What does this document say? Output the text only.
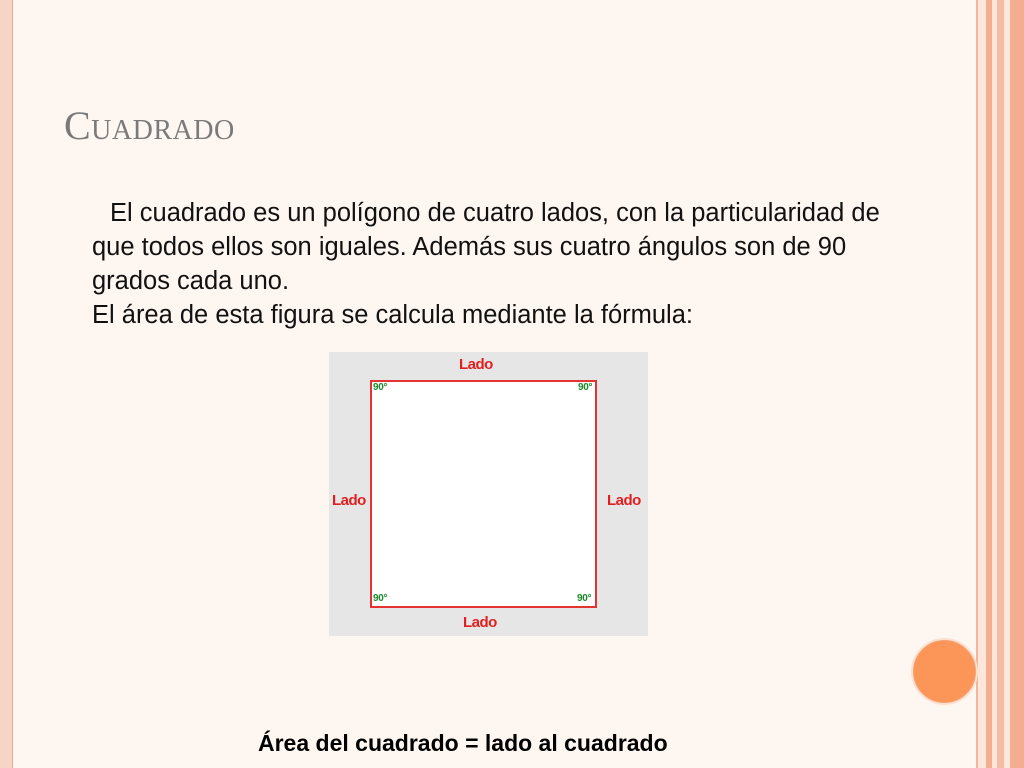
Cuadrado

El cuadrado es un polígono de cuatro lados, con la particularidad de que todos ellos son iguales. Además sus cuatro ángulos son de 90 grados cada uno.

El área de esta figura se calcula mediante la fórmula:

Lado
Lado
Lado	Lado
90°	90°
90°	90°
Área del cuadrado = lado al cuadrado
